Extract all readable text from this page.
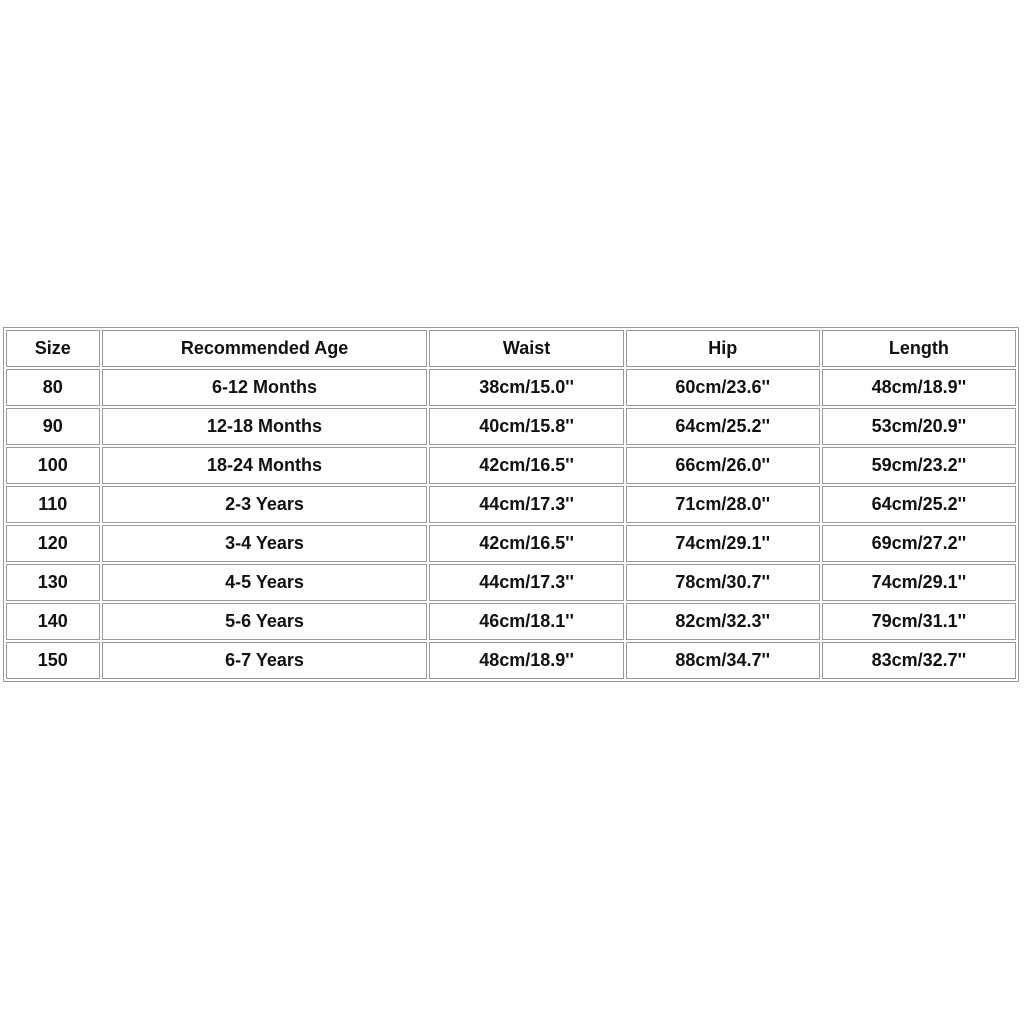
Size	Recommended Age	Waist	Hip	Length
80	6-12 Months	38cm/15.0''	60cm/23.6''	48cm/18.9''
90	12-18 Months	40cm/15.8''	64cm/25.2''	53cm/20.9''
100	18-24 Months	42cm/16.5''	66cm/26.0''	59cm/23.2''
110	2-3 Years	44cm/17.3''	71cm/28.0''	64cm/25.2''
120	3-4 Years	42cm/16.5''	74cm/29.1''	69cm/27.2''
130	4-5 Years	44cm/17.3''	78cm/30.7''	74cm/29.1''
140	5-6 Years	46cm/18.1''	82cm/32.3''	79cm/31.1''
150	6-7 Years	48cm/18.9''	88cm/34.7''	83cm/32.7''
